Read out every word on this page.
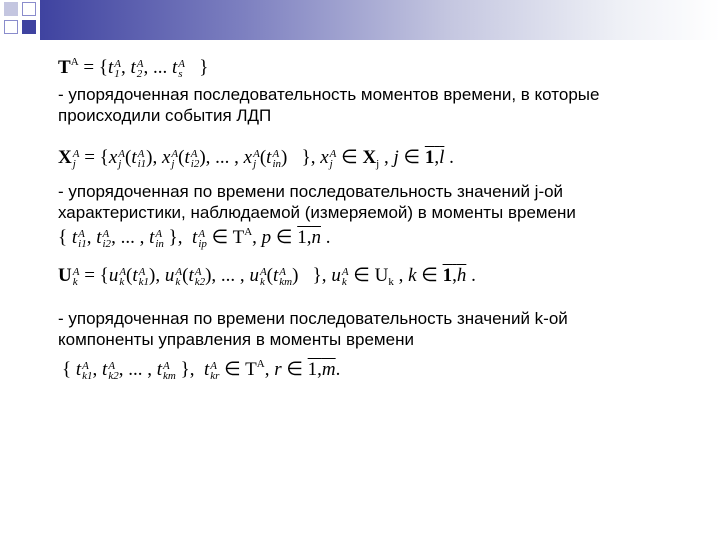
$T^A = \{t$ A
1 , t A
2 , ... t A
s }
- упорядоченная последовательность моментов времени, в которые происходили события ЛДП
X A
j = {x A
j (t A
i1 ), x A
j (t A
i2 ), ... , x A
j (t A
in )   }, x A
j ∈ $X_j$ , j ∈ 1,l .
- упорядоченная по времени последовательность значений j-ой характеристики, наблюдаемой (измеряемой) в моменты времени
{ t A
i1 , t A
i2 , ... , t A
in },  t A
ip ∈ $T^A$, p ∈ 1,n .
U A
k = {u A
k (t A
k1 ), u A
k (t A
k2 ), ... , u A
k (t A
km )   }, u A
k ∈ $U_k$ , k ∈ 1,h .
- упорядоченная по времени последовательность значений k-ой компоненты управления в моменты времени
{ t A
k1 , t A
k2 , ... , t A
km },  t A
kr ∈ $T^A$, r ∈ 1,m.
